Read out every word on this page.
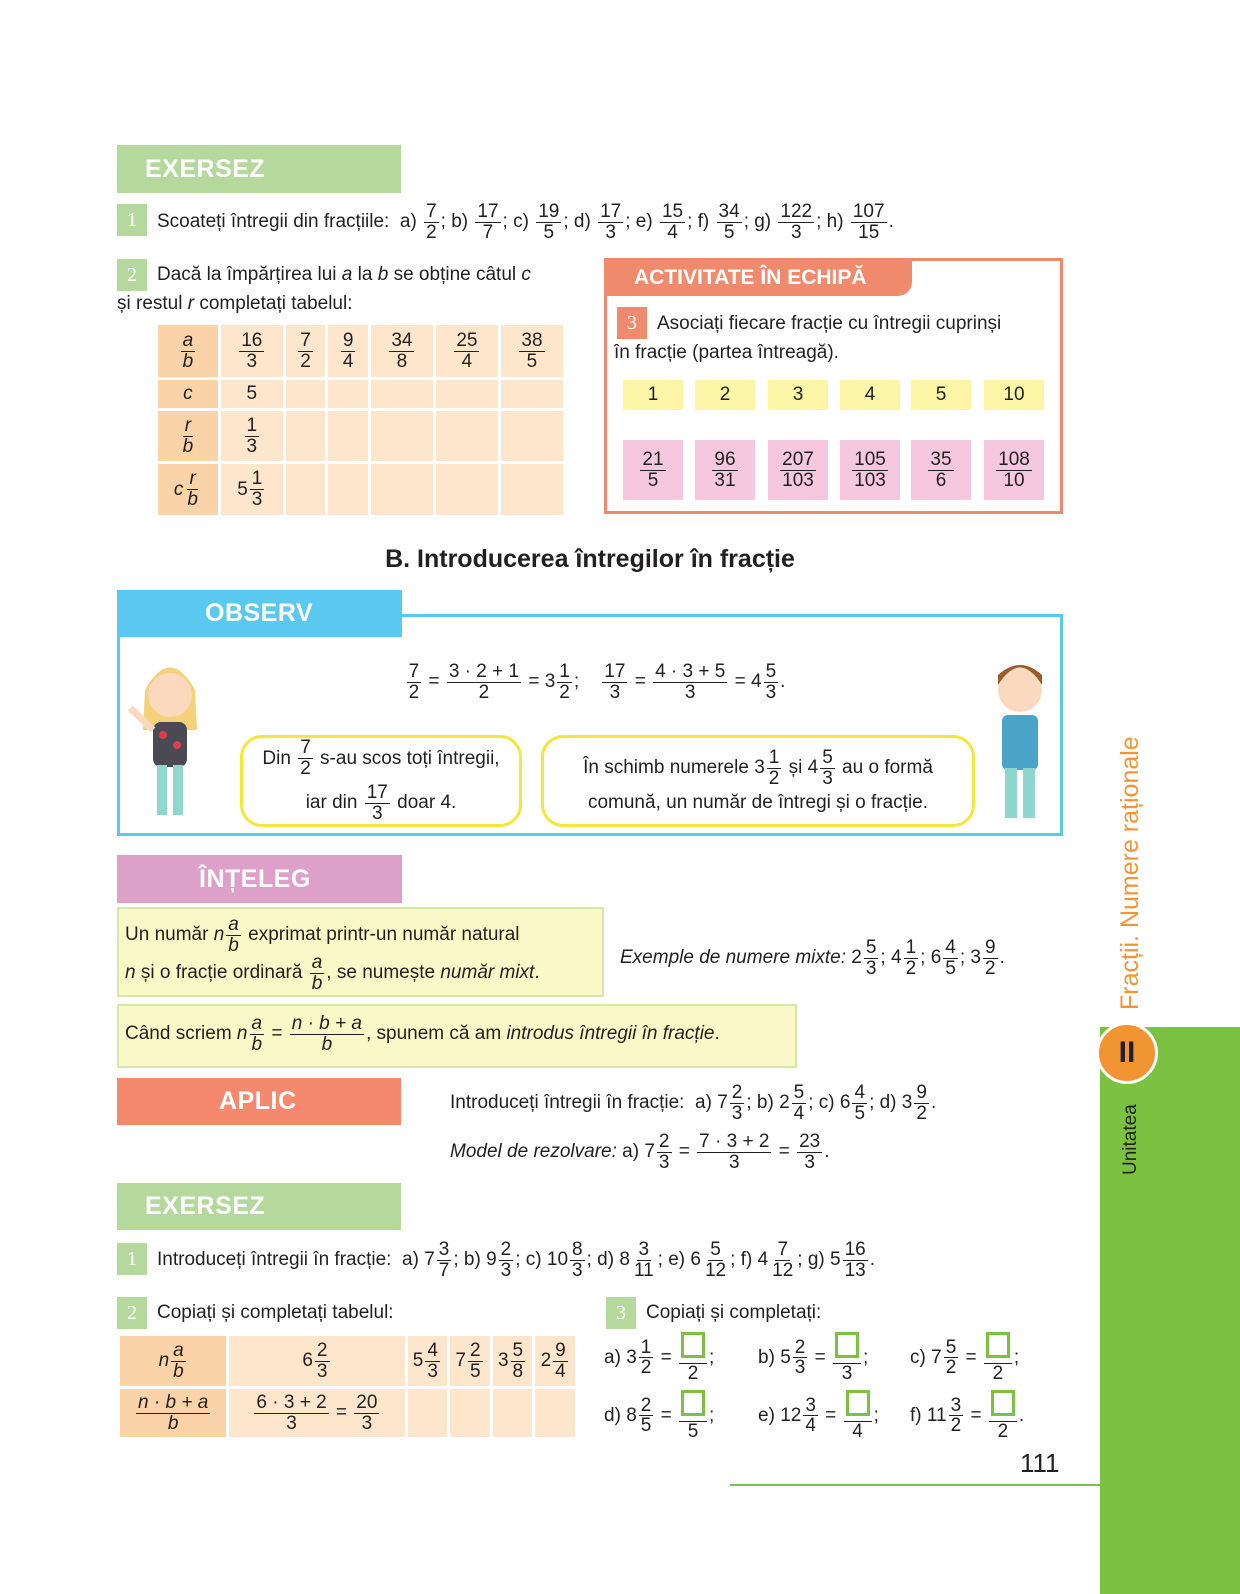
EXERSEZ
1	Scoateți întregii din fracțiile:  $a) \frac{7}{2}$ ; $b) \frac{17}{7}$ ; $c) \frac{19}{5}$ ; $d) \frac{17}{3}$ ; $e) \frac{15}{4}$ ; $f) \frac{34}{5}$ ; $g) \frac{122}{3}$ ; $h) \frac{107}{15}$ .
2	Dacă la împărțirea lui a la b se obține câtul c
și restul r completați tabelul:
$\frac{a}{b}$	$\frac{16}{3}$	$\frac{7}{2}$	$\frac{9}{4}$	$\frac{34}{8}$	$\frac{25}{4}$	$\frac{38}{5}$

c	5					

$\frac{r}{b}$	$\frac{1}{3}$

c $\frac{r}{b}$	$5 \frac{1}{3}$

ACTIVITATE ÎN ECHIPĂ
3	Asociați fiecare fracție cu întregii cuprinși
în fracție (partea întreagă).
1
$\frac{21}{5}$
2
$\frac{96}{31}$
3
$\frac{207}{103}$
4
$\frac{105}{103}$
5
$\frac{35}{6}$
10
$\frac{108}{10}$
B. Introducerea întregilor în fracție
OBSERV
$\frac{7}{2} = \frac{3 \cdot 2 + 1}{2} = 3 \frac{1}{2}$ ; $\frac{17}{3} = \frac{4 \cdot 3 + 5}{3} = 4 \frac{5}{3}$ .
Din $\frac{7}{2} s-au$ scos toți întregii,
iar din $\frac{17}{3}$ doar 4.
În schimb numerele $3 \frac{1}{2}$ și $4 \frac{5}{3}$ au o formă
comună, un număr de întregi și o fracție.
ÎNȚELEG
Un număr n $\frac{a}{b}$ exprimat printr-un număr natural
n și o fracție ordinară $\frac{a}{b}$ , se numește număr mixt .
Exemple de numere mixte: $2 \frac{5}{3}$ ; $4 \frac{1}{2}$ ; $6 \frac{4}{5}$ ; $3 \frac{9}{2}$ .
Când scriem n $\frac{a}{b} = \frac{n \cdot b + a}{b}$ , spunem că am introdus întregii în fracție .
APLIC	Introduceți întregii în fracție:  a) $7 \frac{2}{3}$ ; b) $2 \frac{5}{4}$ ; c) $6 \frac{4}{5}$ ; d) $3 \frac{9}{2}$ .
Model de rezolvare: a) $7 \frac{2}{3} = \frac{7 \cdot 3 + 2}{3} = \frac{23}{3}$ .
EXERSEZ
1	Introduceți întregii în fracție:  a) $7 \frac{3}{7}$ ; b) $9 \frac{2}{3}$ ; c) $10 \frac{8}{3}$ ; d) $8 \frac{3}{11}$ ; e) $6 \frac{5}{12}$ ; f) $4 \frac{7}{12}$ ; g) $5 \frac{16}{13}$ .
2	Copiați și completați tabelul:
n $\frac{a}{b}$	$6 \frac{2}{3}$	$5 \frac{4}{3}$	$7 \frac{2}{5}$	$3 \frac{5}{8}$	$2 \frac{9}{4}$

$\frac{n \cdot b + a}{b}$	$\frac{6 \cdot 3 + 2}{3} = \frac{20}{3}$

3	Copiați și completați:
a) $3 \frac{1}{2}$ =
2
; b) $5 \frac{2}{3}$ =
3
; c) $7 \frac{5}{2}$ =
2
;
d) $8 \frac{2}{5}$ =
5
; e) $12 \frac{3}{4}$ =
4
; f) $11 \frac{3}{2}$ =
2
.
111
II
Unitatea
Fracții. Numere raționale
